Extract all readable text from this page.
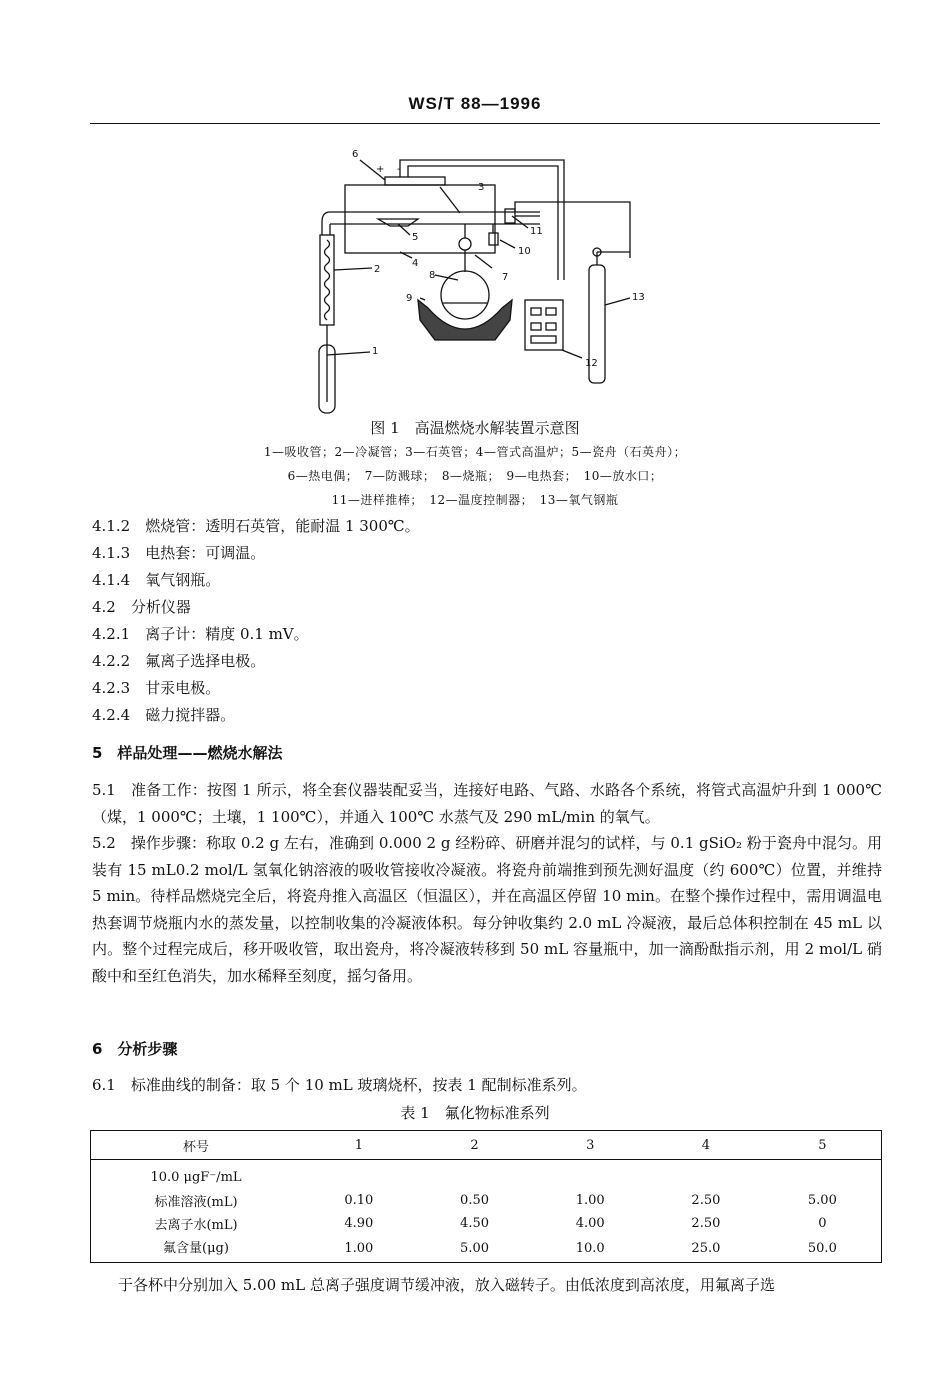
WS/T 88—1996
6
+ -
2
1
3
4
5
7
8
9
10
11
12
13
图 1　高温燃烧水解装置示意图
1—吸收管；2—冷凝管；3—石英管；4—管式高温炉；5—瓷舟（石英舟）；
6—热电偶；　7—防溅球；　8—烧瓶；　9—电热套；　10—放水口；
11—进样推棒；　12—温度控制器；　13—氧气钢瓶
4.1.2　 燃烧管：透明石英管，能耐温 1 300℃。
4.1.3　 电热套：可调温。
4.1.4　 氧气钢瓶。
4.2　 分析仪器
4.2.1　 离子计：精度 0.1 mV。
4.2.2　 氟离子选择电极。
4.2.3　 甘汞电极。
4.2.4　 磁力搅拌器。
5　样品处理——燃烧水解法
5.1　准备工作：按图 1 所示，将全套仪器装配妥当，连接好电路、气路、水路各个系统，将管式高温炉升到 1 000℃（煤，1 000℃；土壤，1 100℃），并通入 100℃ 水蒸气及 290 mL/min 的氧气。
5.2　操作步骤：称取 0.2 g 左右，准确到 0.000 2 g 经粉碎、研磨并混匀的试样，与 0.1 gSiO₂ 粉于瓷舟中混匀。用装有 15 mL0.2 mol/L 氢氧化钠溶液的吸收管接收冷凝液。将瓷舟前端推到预先测好温度（约 600℃）位置，并维持 5 min。待样品燃烧完全后，将瓷舟推入高温区（恒温区），并在高温区停留 10 min。在整个操作过程中，需用调温电热套调节烧瓶内水的蒸发量，以控制收集的冷凝液体积。每分钟收集约 2.0 mL 冷凝液，最后总体积控制在 45 mL 以内。整个过程完成后，移开吸收管，取出瓷舟，将冷凝液转移到 50 mL 容量瓶中，加一滴酚酞指示剂，用 2 mol/L 硝酸中和至红色消失，加水稀释至刻度，摇匀备用。
6　分析步骤
6.1　标准曲线的制备：取 5 个 10 mL 玻璃烧杯，按表 1 配制标准系列。
表 1　氟化物标准系列
杯号	1	2	3	4	5
10.0 μgF⁻/mL					
标准溶液(mL)	0.10	0.50	1.00	2.50	5.00
去离子水(mL)	4.90	4.50	4.00	2.50	0
氟含量(μg)	1.00	5.00	10.0	25.0	50.0
于各杯中分别加入 5.00 mL 总离子强度调节缓冲液，放入磁转子。由低浓度到高浓度，用氟离子选
